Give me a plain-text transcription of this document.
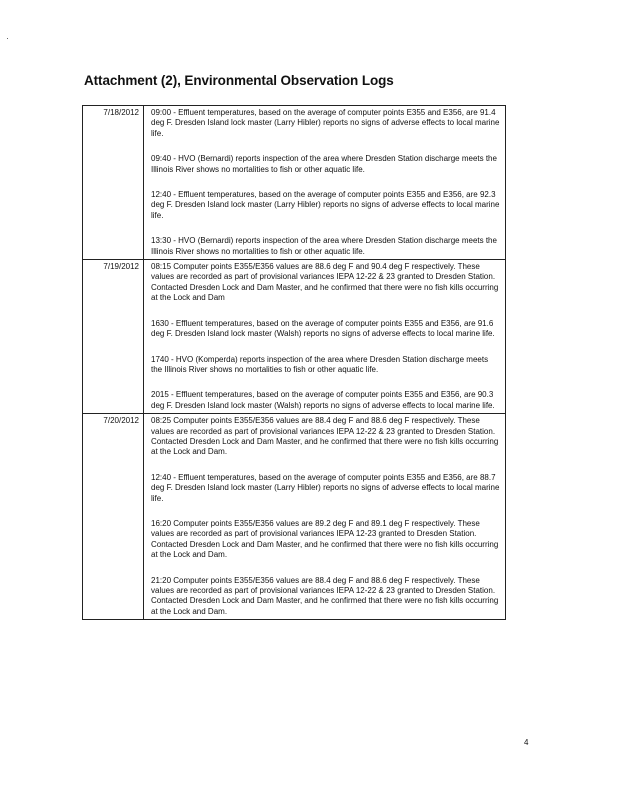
Attachment (2), Environmental Observation Logs
7/18/2012	09:00 - Effluent temperatures, based on the average of computer points E355 and E356, are 91.4 deg F. Dresden Island lock master (Larry Hibler) reports no signs of adverse effects to local marine life.
09:40 - HVO (Bernardi) reports inspection of the area where Dresden Station discharge meets the Illinois River shows no mortalities to fish or other aquatic life.
12:40 - Effluent temperatures, based on the average of computer points E355 and E356, are 92.3 deg F. Dresden Island lock master (Larry Hibler) reports no signs of adverse effects to local marine life.
13:30 - HVO (Bernardi) reports inspection of the area where Dresden Station discharge meets the Illinois River shows no mortalities to fish or other aquatic life.

7/19/2012	08:15 Computer points E355/E356 values are 88.6 deg F and 90.4 deg F respectively. These values are recorded as part of provisional variances IEPA 12-22 & 23 granted to Dresden Station. Contacted Dresden Lock and Dam Master, and he confirmed that there were no fish kills occurring at the Lock and Dam
1630 - Effluent temperatures, based on the average of computer points E355 and E356, are 91.6 deg F. Dresden Island lock master (Walsh) reports no signs of adverse effects to local marine life.
1740 - HVO (Komperda) reports inspection of the area where Dresden Station discharge meets the Illinois River shows no mortalities to fish or other aquatic life.
2015 - Effluent temperatures, based on the average of computer points E355 and E356, are 90.3 deg F. Dresden Island lock master (Walsh) reports no signs of adverse effects to local marine life.

7/20/2012	08:25 Computer points E355/E356 values are 88.4 deg F and 88.6 deg F respectively. These values are recorded as part of provisional variances IEPA 12-22 & 23 granted to Dresden Station. Contacted Dresden Lock and Dam Master, and he confirmed that there were no fish kills occurring at the Lock and Dam.
12:40 - Effluent temperatures, based on the average of computer points E355 and E356, are 88.7 deg F. Dresden Island lock master (Larry Hibler) reports no signs of adverse effects to local marine life.
16:20 Computer points E355/E356 values are 89.2 deg F and 89.1 deg F respectively. These values are recorded as part of provisional variances IEPA 12-23 granted to Dresden Station. Contacted Dresden Lock and Dam Master, and he confirmed that there were no fish kills occurring at the Lock and Dam.
21:20 Computer points E355/E356 values are 88.4 deg F and 88.6 deg F respectively. These values are recorded as part of provisional variances IEPA 12-22 & 23 granted to Dresden Station. Contacted Dresden Lock and Dam Master, and he confirmed that there were no fish kills occurring at the Lock and Dam.
4
